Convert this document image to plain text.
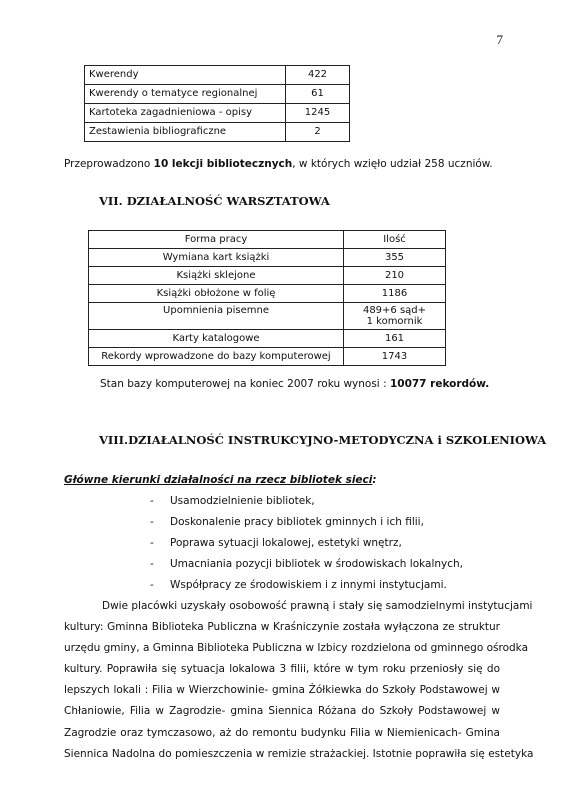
7
Kwerendy	422
Kwerendy o tematyce regionalnej	61
Kartoteka zagadnieniowa - opisy	1245
Zestawienia bibliograficzne	2
Przeprowadzono 10 lekcji bibliotecznych, w których wzięło udział 258 uczniów.
VII. DZIAŁALNOŚĆ WARSZTATOWA
Forma pracy	Ilość
Wymiana kart książki	355
Książki sklejone	210
Książki obłożone w folię	1186
Upomnienia pisemne	489+6 sąd+
1 komornik
Karty katalogowe	161
Rekordy wprowadzone do bazy komputerowej	1743
Stan bazy komputerowej na koniec 2007 roku wynosi : 10077 rekordów.
VIII.DZIAŁALNOŚĆ INSTRUKCYJNO-METODYCZNA i SZKOLENIOWA
Główne kierunki działalności na rzecz bibliotek sieci:
- Usamodzielnienie bibliotek,
- Doskonalenie pracy bibliotek gminnych i ich filii,
- Poprawa sytuacji lokalowej, estetyki wnętrz,
- Umacniania pozycji bibliotek w środowiskach lokalnych,
- Współpracy ze środowiskiem i z innymi instytucjami.
Dwie placówki uzyskały osobowość prawną i stały się samodzielnymi instytucjami
kultury: Gminna Biblioteka Publiczna w Kraśniczynie została wyłączona ze struktur
urzędu gminy, a Gminna Biblioteka Publiczna w Izbicy rozdzielona od gminnego ośrodka
kultury. Poprawiła się sytuacja lokalowa 3 filii, które w tym roku przeniosły się do
lepszych lokali : Filia w Wierzchowinie- gmina Żółkiewka do Szkoły Podstawowej w
Chłaniowie, Filia w Zagrodzie- gmina Siennica Różana do Szkoły Podstawowej w
Zagrodzie oraz tymczasowo, aż do remontu budynku Filia w Niemienicach- Gmina
Siennica Nadolna do pomieszczenia w remizie strażackiej. Istotnie poprawiła się estetyka
